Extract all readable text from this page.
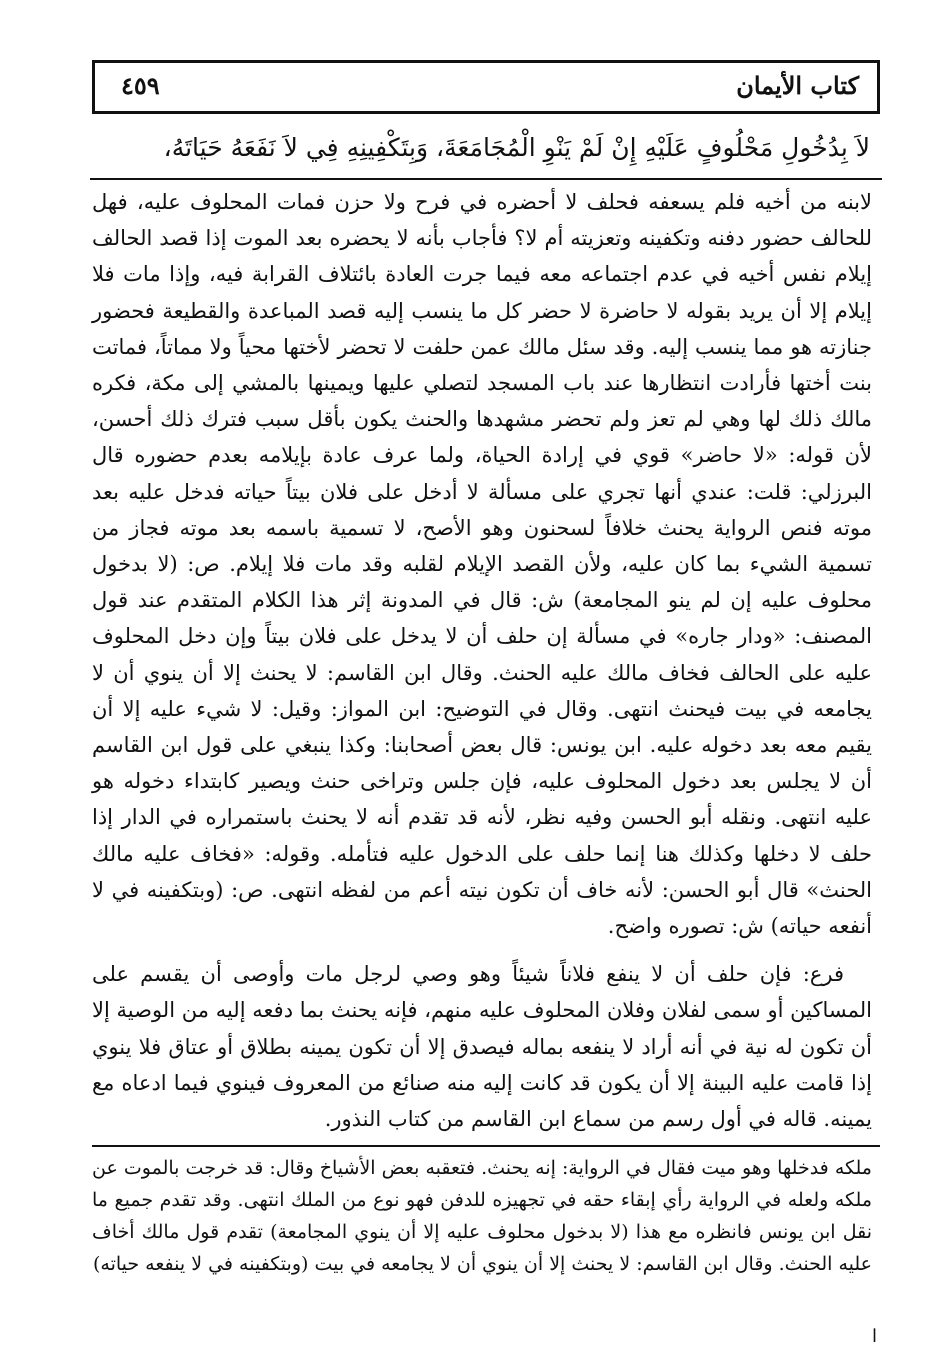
كتاب الأيمان
٤٥٩
لاَ بِدُخُولِ مَحْلُوفٍ عَلَيْهِ إِنْ لَمْ يَنْوِ الْمُجَامَعَةَ، وَبِتَكْفِينِهِ فِي لاَ نَفَعَهُ حَيَاتَهُ،

لابنه من أخيه فلم يسعفه فحلف لا أحضره في فرح ولا حزن فمات المحلوف عليه، فهل للحالف حضور دفنه وتكفينه وتعزيته أم لا؟ فأجاب بأنه لا يحضره بعد الموت إذا قصد الحالف إيلام نفس أخيه في عدم اجتماعه معه فيما جرت العادة بائتلاف القرابة فيه، وإذا مات فلا إيلام إلا أن يريد بقوله لا حاضرة لا حضر كل ما ينسب إليه قصد المباعدة والقطيعة فحضور جنازته هو مما ينسب إليه. وقد سئل مالك عمن حلفت لا تحضر لأختها محياً ولا مماتاً، فماتت بنت أختها فأرادت انتظارها عند باب المسجد لتصلي عليها ويمينها بالمشي إلى مكة، فكره مالك ذلك لها وهي لم تعز ولم تحضر مشهدها والحنث يكون بأقل سبب فترك ذلك أحسن، لأن قوله: «لا حاضر» قوي في إرادة الحياة، ولما عرف عادة بإيلامه بعدم حضوره قال البرزلي: قلت: عندي أنها تجري على مسألة لا أدخل على فلان بيتاً حياته فدخل عليه بعد موته فنص الرواية يحنث خلافاً لسحنون وهو الأصح، لا تسمية باسمه بعد موته فجاز من تسمية الشيء بما كان عليه، ولأن القصد الإيلام لقلبه وقد مات فلا إيلام. ص: (لا بدخول محلوف عليه إن لم ينو المجامعة) ش: قال في المدونة إثر هذا الكلام المتقدم عند قول المصنف: «ودار جاره» في مسألة إن حلف أن لا يدخل على فلان بيتاً وإن دخل المحلوف عليه على الحالف فخاف مالك عليه الحنث. وقال ابن القاسم: لا يحنث إلا أن ينوي أن لا يجامعه في بيت فيحنث انتهى. وقال في التوضيح: ابن المواز: وقيل: لا شيء عليه إلا أن يقيم معه بعد دخوله عليه. ابن يونس: قال بعض أصحابنا: وكذا ينبغي على قول ابن القاسم أن لا يجلس بعد دخول المحلوف عليه، فإن جلس وتراخى حنث ويصير كابتداء دخوله هو عليه انتهى. ونقله أبو الحسن وفيه نظر، لأنه قد تقدم أنه لا يحنث باستمراره في الدار إذا حلف لا دخلها وكذلك هنا إنما حلف على الدخول عليه فتأمله. وقوله: «فخاف عليه مالك الحنث» قال أبو الحسن: لأنه خاف أن تكون نيته أعم من لفظه انتهى. ص: (وبتكفينه في لا أنفعه حياته) ش: تصوره واضح.

فرع: فإن حلف أن لا ينفع فلاناً شيئاً وهو وصي لرجل مات وأوصى أن يقسم على المساكين أو سمى لفلان وفلان المحلوف عليه منهم، فإنه يحنث بما دفعه إليه من الوصية إلا أن تكون له نية في أنه أراد لا ينفعه بماله فيصدق إلا أن تكون يمينه بطلاق أو عتاق فلا ينوي إذا قامت عليه البينة إلا أن يكون قد كانت إليه منه صنائع من المعروف فينوي فيما ادعاه مع يمينه. قاله في أول رسم من سماع ابن القاسم من كتاب النذور.

ملكه فدخلها وهو ميت فقال في الرواية: إنه يحنث. فتعقبه بعض الأشياخ وقال: قد خرجت بالموت عن ملكه ولعله في الرواية رأي إبقاء حقه في تجهيزه للدفن فهو نوع من الملك انتهى. وقد تقدم جميع ما نقل ابن يونس فانظره مع هذا (لا بدخول محلوف عليه إلا أن ينوي المجامعة) تقدم قول مالك أخاف عليه الحنث. وقال ابن القاسم: لا يحنث إلا أن ينوي أن لا يجامعه في بيت (وبتكفينه في لا ينفعه حياته)

ا
